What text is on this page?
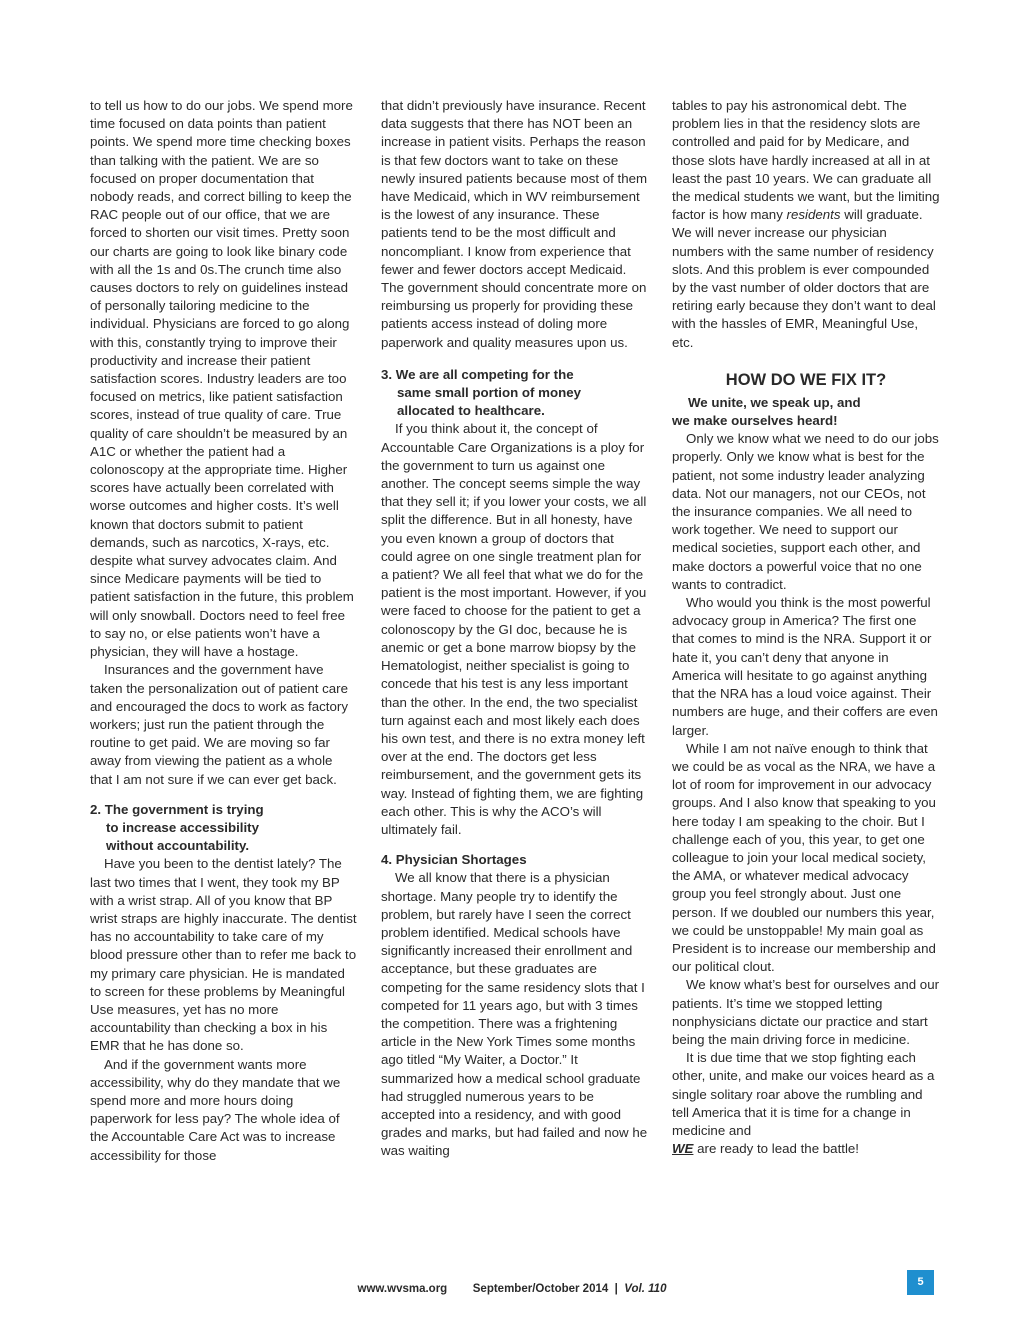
to tell us how to do our jobs. We spend more time focused on data points than patient points. We spend more time checking boxes than talking with the patient. We are so focused on proper documentation that nobody reads, and correct billing to keep the RAC people out of our office, that we are forced to shorten our visit times. Pretty soon our charts are going to look like binary code with all the 1s and 0s.The crunch time also causes doctors to rely on guidelines instead of personally tailoring medicine to the individual. Physicians are forced to go along with this, constantly trying to improve their productivity and increase their patient satisfaction scores. Industry leaders are too focused on metrics, like patient satisfaction scores, instead of true quality of care. True quality of care shouldn’t be measured by an A1C or whether the patient had a colonoscopy at the appropriate time. Higher scores have actually been correlated with worse outcomes and higher costs. It’s well known that doctors submit to patient demands, such as narcotics, X-rays, etc. despite what survey advocates claim. And since Medicare payments will be tied to patient satisfaction in the future, this problem will only snowball. Doctors need to feel free to say no, or else patients won’t have a physician, they will have a hostage.

Insurances and the government have taken the personalization out of patient care and encouraged the docs to work as factory workers; just run the patient through the routine to get paid. We are moving so far away from viewing the patient as a whole that I am not sure if we can ever get back.

2. The government is trying
to increase accessibility
without accountability.

Have you been to the dentist lately? The last two times that I went, they took my BP with a wrist strap. All of you know that BP wrist straps are highly inaccurate. The dentist has no accountability to take care of my blood pressure other than to refer me back to my primary care physician. He is mandated to screen for these problems by Meaningful Use measures, yet has no more accountability than checking a box in his EMR that he has done so.

And if the government wants more accessibility, why do they mandate that we spend more and more hours doing paperwork for less pay? The whole idea of the Accountable Care Act was to increase accessibility for those

that didn’t previously have insurance. Recent data suggests that there has NOT been an increase in patient visits. Perhaps the reason is that few doctors want to take on these newly insured patients because most of them have Medicaid, which in WV reimbursement is the lowest of any insurance. These patients tend to be the most difficult and noncompliant. I know from experience that fewer and fewer doctors accept Medicaid. The government should concentrate more on reimbursing us properly for providing these patients access instead of doling more paperwork and quality measures upon us.

3. We are all competing for the
same small portion of money
allocated to healthcare.

If you think about it, the concept of Accountable Care Organizations is a ploy for the government to turn us against one another. The concept seems simple the way that they sell it; if you lower your costs, we all split the difference. But in all honesty, have you even known a group of doctors that could agree on one single treatment plan for a patient? We all feel that what we do for the patient is the most important. However, if you were faced to choose for the patient to get a colonoscopy by the GI doc, because he is anemic or get a bone marrow biopsy by the Hematologist, neither specialist is going to concede that his test is any less important than the other. In the end, the two specialist turn against each and most likely each does his own test, and there is no extra money left over at the end. The doctors get less reimbursement, and the government gets its way. Instead of fighting them, we are fighting each other. This is why the ACO’s will ultimately fail.

4. Physician Shortages

We all know that there is a physician shortage. Many people try to identify the problem, but rarely have I seen the correct problem identified. Medical schools have significantly increased their enrollment and acceptance, but these graduates are competing for the same residency slots that I competed for 11 years ago, but with 3 times the competition. There was a frightening article in the New York Times some months ago titled “My Waiter, a Doctor.” It summarized how a medical school graduate had struggled numerous years to be accepted into a residency, and with good grades and marks, but had failed and now he was waiting

tables to pay his astronomical debt. The problem lies in that the residency slots are controlled and paid for by Medicare, and those slots have hardly increased at all in at least the past 10 years. We can graduate all the medical students we want, but the limiting factor is how many residents will graduate. We will never increase our physician numbers with the same number of residency slots. And this problem is ever compounded by the vast number of older doctors that are retiring early because they don’t want to deal with the hassles of EMR, Meaningful Use, etc.

HOW DO WE FIX IT?
We unite, we speak up, and
we make ourselves heard!

Only we know what we need to do our jobs properly. Only we know what is best for the patient, not some industry leader analyzing data. Not our managers, not our CEOs, not the insurance companies. We all need to work together. We need to support our medical societies, support each other, and make doctors a powerful voice that no one wants to contradict.

Who would you think is the most powerful advocacy group in America? The first one that comes to mind is the NRA. Support it or hate it, you can’t deny that anyone in America will hesitate to go against anything that the NRA has a loud voice against. Their numbers are huge, and their coffers are even larger.

While I am not naïve enough to think that we could be as vocal as the NRA, we have a lot of room for improvement in our advocacy groups. And I also know that speaking to you here today I am speaking to the choir. But I challenge each of you, this year, to get one colleague to join your local medical society, the AMA, or whatever medical advocacy group you feel strongly about. Just one person. If we doubled our numbers this year, we could be unstoppable! My main goal as President is to increase our membership and our political clout.

We know what’s best for ourselves and our patients. It’s time we stopped letting nonphysicians dictate our practice and start being the main driving force in medicine.

It is due time that we stop fighting each other, unite, and make our voices heard as a single solitary roar above the rumbling and tell America that it is time for a change in medicine and
WE are ready to lead the battle!

www.wvsma.org September/October 2014 | Vol. 110
5
